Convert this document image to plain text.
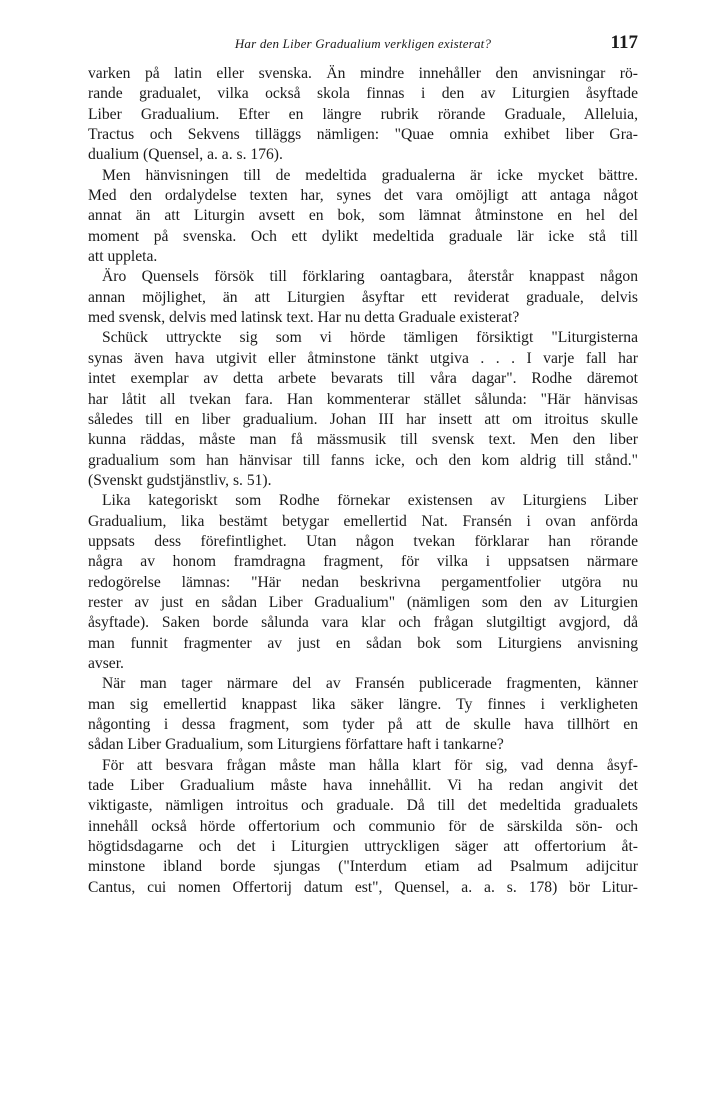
Har den Liber Gradualium verkligen existerat?	117

varken på latin eller svenska. Än mindre innehåller den anvisningar rö-
rande gradualet, vilka också skola finnas i den av Liturgien åsyftade
Liber Gradualium. Efter en längre rubrik rörande Graduale, Alleluia,
Tractus och Sekvens tilläggs nämligen: "Quae omnia exhibet liber Gra-
dualium (Quensel, a. a. s. 176).

Men hänvisningen till de medeltida gradualerna är icke mycket bättre.
Med den ordalydelse texten har, synes det vara omöjligt att antaga något
annat än att Liturgin avsett en bok, som lämnat åtminstone en hel del
moment på svenska. Och ett dylikt medeltida graduale lär icke stå till
att uppleta.

Äro Quensels försök till förklaring oantagbara, återstår knappast någon
annan möjlighet, än att Liturgien åsyftar ett reviderat graduale, delvis
med svensk, delvis med latinsk text. Har nu detta Graduale existerat?

Schück uttryckte sig som vi hörde tämligen försiktigt "Liturgisterna
synas även hava utgivit eller åtminstone tänkt utgiva . . . I varje fall har
intet exemplar av detta arbete bevarats till våra dagar". Rodhe däremot
har låtit all tvekan fara. Han kommenterar stället sålunda: "Här hänvisas
således till en liber gradualium. Johan III har insett att om itroitus skulle
kunna räddas, måste man få mässmusik till svensk text. Men den liber
gradualium som han hänvisar till fanns icke, och den kom aldrig till stånd."
(Svenskt gudstjänstliv, s. 51).

Lika kategoriskt som Rodhe förnekar existensen av Liturgiens Liber
Gradualium, lika bestämt betygar emellertid Nat. Fransén i ovan anförda
uppsats dess förefintlighet. Utan någon tvekan förklarar han rörande
några av honom framdragna fragment, för vilka i uppsatsen närmare
redogörelse lämnas: "Här nedan beskrivna pergamentfolier utgöra nu
rester av just en sådan Liber Gradualium" (nämligen som den av Liturgien
åsyftade). Saken borde sålunda vara klar och frågan slutgiltigt avgjord, då
man funnit fragmenter av just en sådan bok som Liturgiens anvisning
avser.

När man tager närmare del av Fransén publicerade fragmenten, känner
man sig emellertid knappast lika säker längre. Ty finnes i verkligheten
någonting i dessa fragment, som tyder på att de skulle hava tillhört en
sådan Liber Gradualium, som Liturgiens författare haft i tankarne?

För att besvara frågan måste man hålla klart för sig, vad denna åsyf-
tade Liber Gradualium måste hava innehållit. Vi ha redan angivit det
viktigaste, nämligen introitus och graduale. Då till det medeltida gradualets
innehåll också hörde offertorium och communio för de särskilda sön- och
högtidsdagarne och det i Liturgien uttryckligen säger att offertorium åt-
minstone ibland borde sjungas ("Interdum etiam ad Psalmum adijcitur
Cantus, cui nomen Offertorij datum est", Quensel, a. a. s. 178) bör Litur-
